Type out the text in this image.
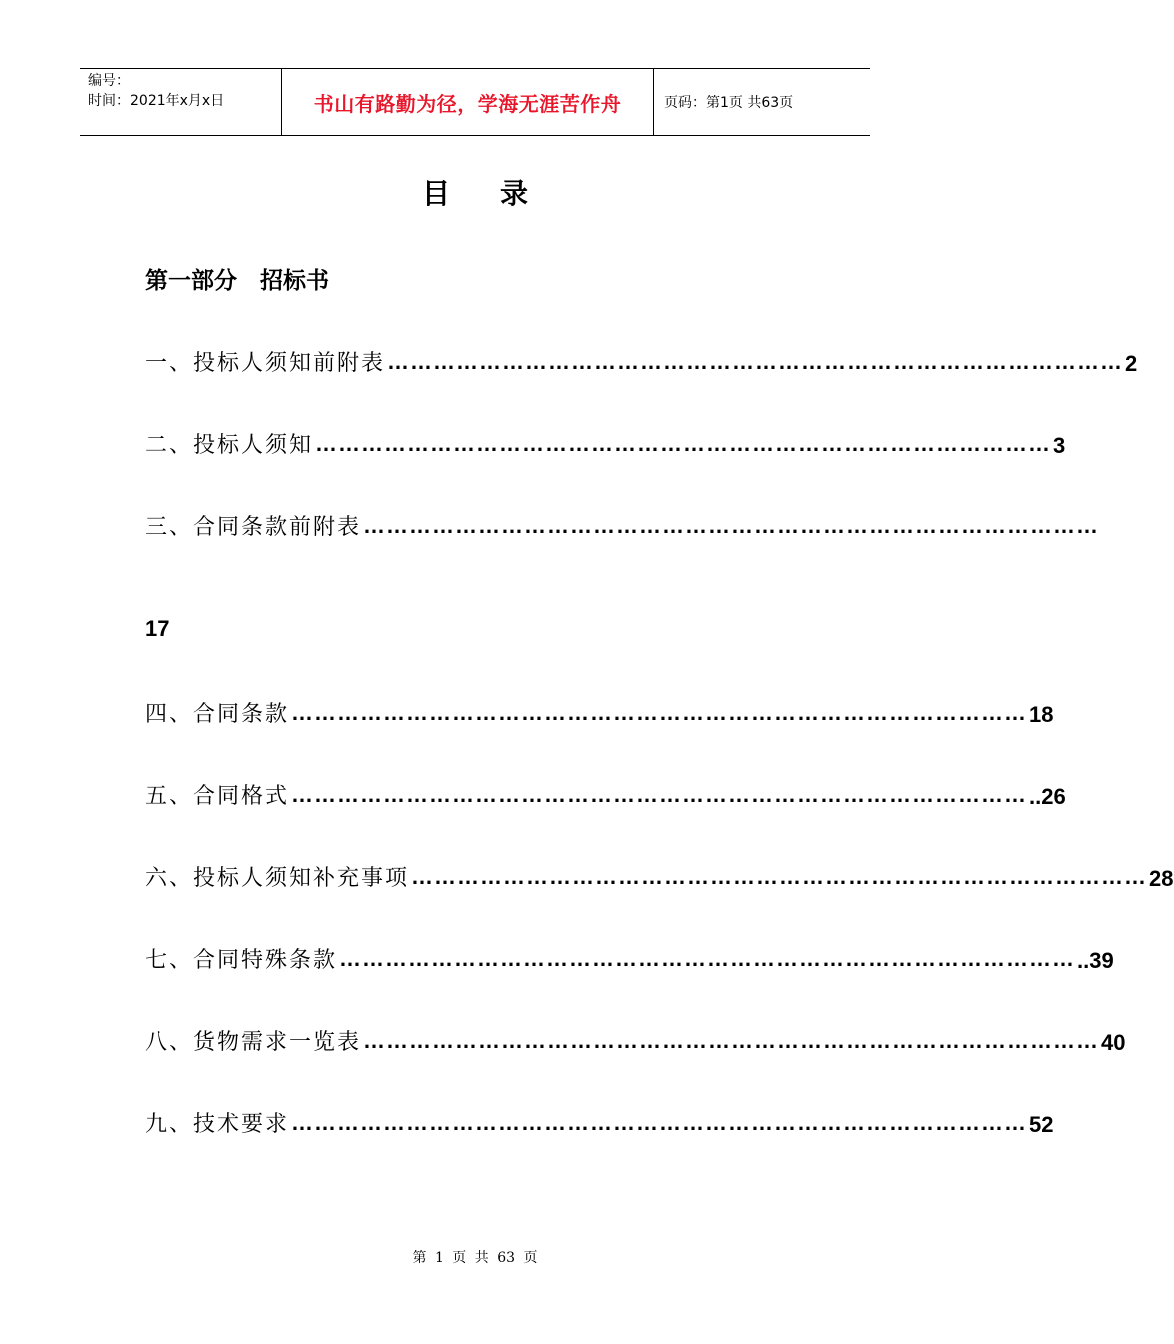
编号：
时间：2021年x月x日	书山有路勤为径，学海无涯苦作舟	页码：第1页 共63页
目录
第一部分　招标书
一、投标人须知前附表 …………………………………………………………………………………… 2
二、投标人须知 …………………………………………………………………………………… 3
三、合同条款前附表 ……………………………………………………………………………………
17
四、合同条款 …………………………………………………………………………………… 18
五、合同格式 …………………………………………………………………………………… ..26
六、投标人须知补充事项 …………………………………………………………………………………… 28
七、合同特殊条款 …………………………………………………………………………………… ..39
八、货物需求一览表 …………………………………………………………………………………… 40
九、技术要求 …………………………………………………………………………………… 52
第 1 页 共 63 页
